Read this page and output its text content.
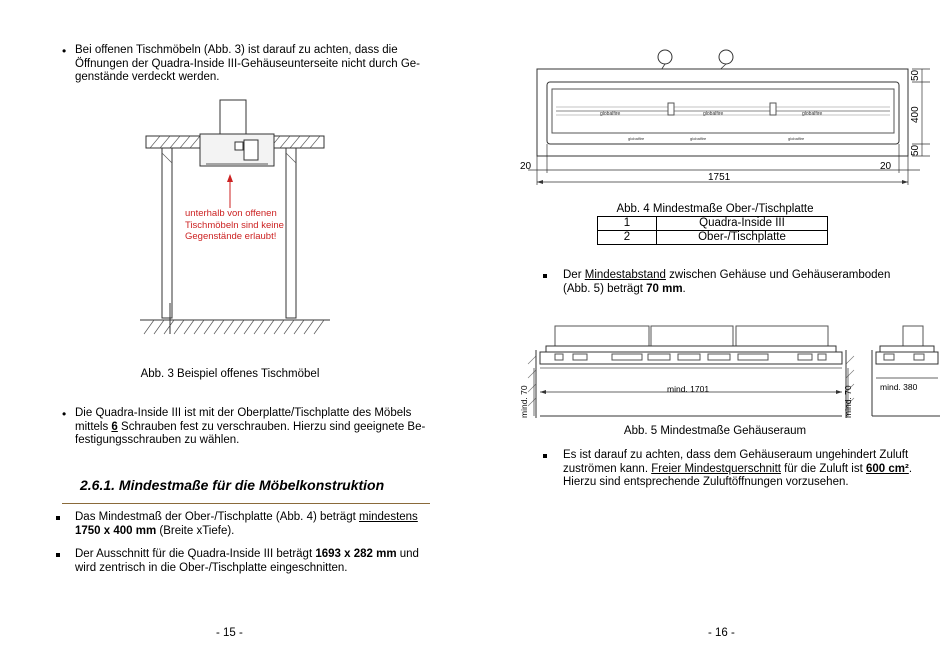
• Bei offenen Tischmöbeln (Abb. 3) ist darauf zu achten, dass die
Öffnungen der Quadra-Inside III-Gehäuseunterseite nicht durch Ge-
genstände verdeckt werden.
unterhalb von offenen
Tischmöbeln sind keine
Gegenstände erlaubt!
Abb. 3 Beispiel offenes Tischmöbel
• Die Quadra-Inside III ist mit der Oberplatte/Tischplatte des Möbels
mittels 6 Schrauben fest zu verschrauben. Hierzu sind geeignete Be-
festigungsschrauben zu wählen.
2.6.1. Mindestmaße für die Möbelkonstruktion
Das Mindestmaß der Ober-/Tischplatte (Abb. 4) beträgt mindestens
1750 x 400 mm (Breite xTiefe).
Der Ausschnitt für die Quadra-Inside III beträgt 1693 x 282 mm und
wird zentrisch in die Ober-/Tischplatte eingeschnitten.
- 15 -
globalfire	globalfire	globalfire
globalfire	globalfire
globalfire
50
400
50
20	20
1751
Abb. 4 Mindestmaße Ober-/Tischplatte
1	Quadra-Inside III
2	Ober-/Tischplatte
Der Mindestabstand zwischen Gehäuse und Gehäuseramboden
(Abb. 5) beträgt 70 mm.
mind. 1701
mind. 70	mind. 70	mind. 380
Abb. 5 Mindestmaße Gehäuseraum
Es ist darauf zu achten, dass dem Gehäuseraum ungehindert Zuluft
zuströmen kann. Freier Mindestquerschnitt für die Zuluft ist 600 cm².
Hierzu sind entsprechende Zuluftöffnungen vorzusehen.
- 16 -
